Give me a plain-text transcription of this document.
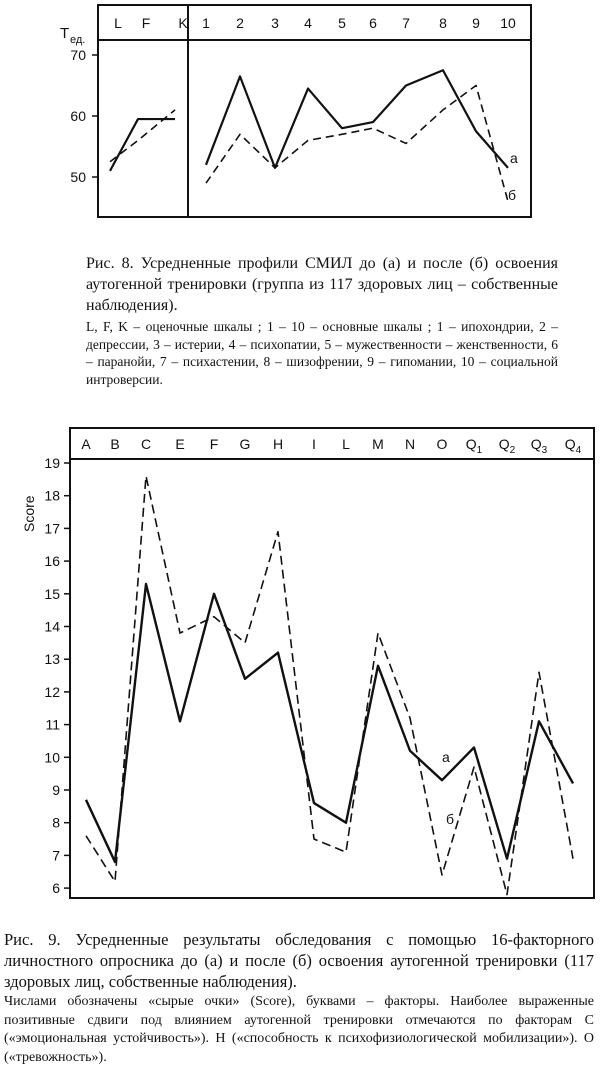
Т ед.
50
60
70
L F K 1 2 3 4 5 6 7 8 9 10
а
б
Рис. 8. Усредненные профили СМИЛ до (а) и после (б) освоения аутогенной тренировки (группа из 117 здоровых лиц – собственные наблюдения).
L, F, K – оценочные шкалы ; 1 – 10 – основные шкалы ; 1 – ипохондрии, 2 – депрессии, 3 – истерии, 4 – психопатии, 5 – мужественности – женственности, 6 – паранойи, 7 – психастении, 8 – шизофрении, 9 – гипомании, 10 – социальной интроверсии.
Score
6
7
8
9
10
11
12
13
14
15
16
17
18
19
A B C E F G H I L M N O $Q_1$ $Q_2$ $Q_3$ $Q_4$
а
б
Рис. 9. Усредненные результаты обследования с помощью 16-факторного личностного опросника до (а) и после (б) освоения аутогенной тренировки (117 здоровых лиц, собственные наблюдения).
Числами обозначены «сырые очки» (Score), буквами – факторы. Наиболее выраженные позитивные сдвиги под влиянием аутогенной тренировки отмечаются по факторам С («эмоциональная устойчивость»). Н («способность к психофизиологической мобилизации»). О («тревожность»).
